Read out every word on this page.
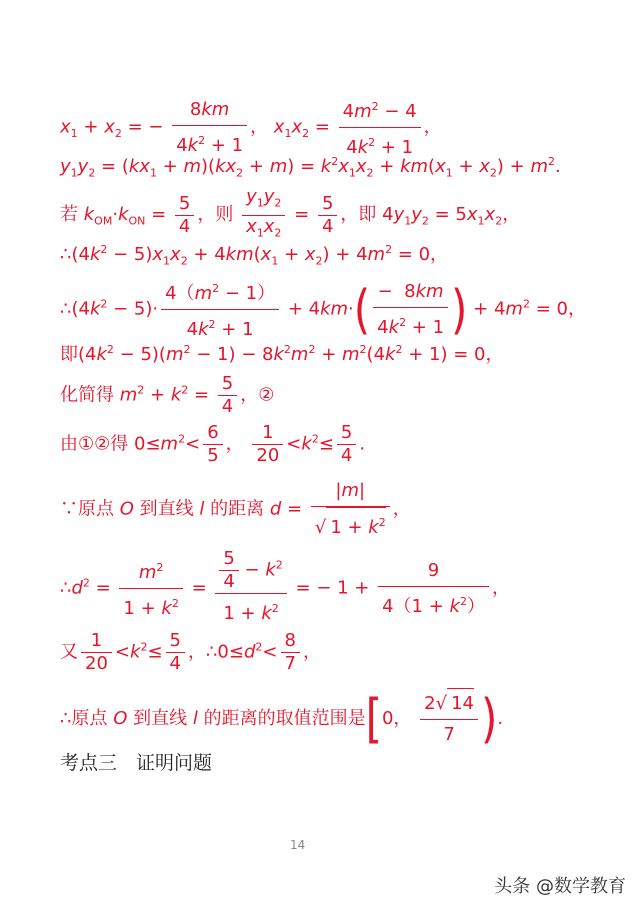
$x_1 + x_2$ = − $\frac{8km}{4k^2 + 1}$ ， $x_1x_2 = \frac{4m^2 - 4}{4k^2 + 1}$ ，
$y_1y_2 = (kx_1 + m)(kx_2 + m) = k^2x_1x_2 + km(x_1 + x_2) + m^2$.
若 $k_{OM}\cdot k_{ON} = \frac{5}{4}$ ，则 $\frac{y_1y_2}{x_1x_2} = \frac{5}{4}$ ，即 $4y_1y_2 = 5x_1x_2$，
$\therefore(4k^2 - 5)x_1x_2 + 4km(x_1 + x_2) + 4m^2 = 0$，
$\therefore(4k^2 - 5)\cdot \frac{4(m^2 - 1)}{4k^2 + 1} + 4km\cdot( \frac{- 8km}{4k^2 + 1}$ ) + $4m^2 = 0$，
即$(4k^2 - 5)(m^2 - 1) - 8k^2m^2 + m^2(4k^2 + 1) = 0$，
化简得 $m^2 + k^2 = \frac{5}{4}$ ，②
由①②得 $0\le m^2< \frac{6}{5}$ ， $\frac{1}{20} <k^2\le \frac{5}{4}$ .
∵原点 O 到直线 l 的距离 $d = \frac{|m|}{√ 1 + k^2}$ ，
$\therefore d^2 = \frac{m^2}{1 + k^2} = \frac{\frac{5}{4} - k^2}{1 + k^2}$ = − $1 + \frac{9}{4(1 + k^2)}$ ，
又 $\frac{1}{20} <k^2\le \frac{5}{4}$ ，$\therefore 0\le d^2< \frac{8}{7}$ ，
∴原点 O 到直线 l 的距离的取值范围是[0， $\frac{2√ 14}{7}$ ).
考点三　证明问题
14
头条 @数学教育
